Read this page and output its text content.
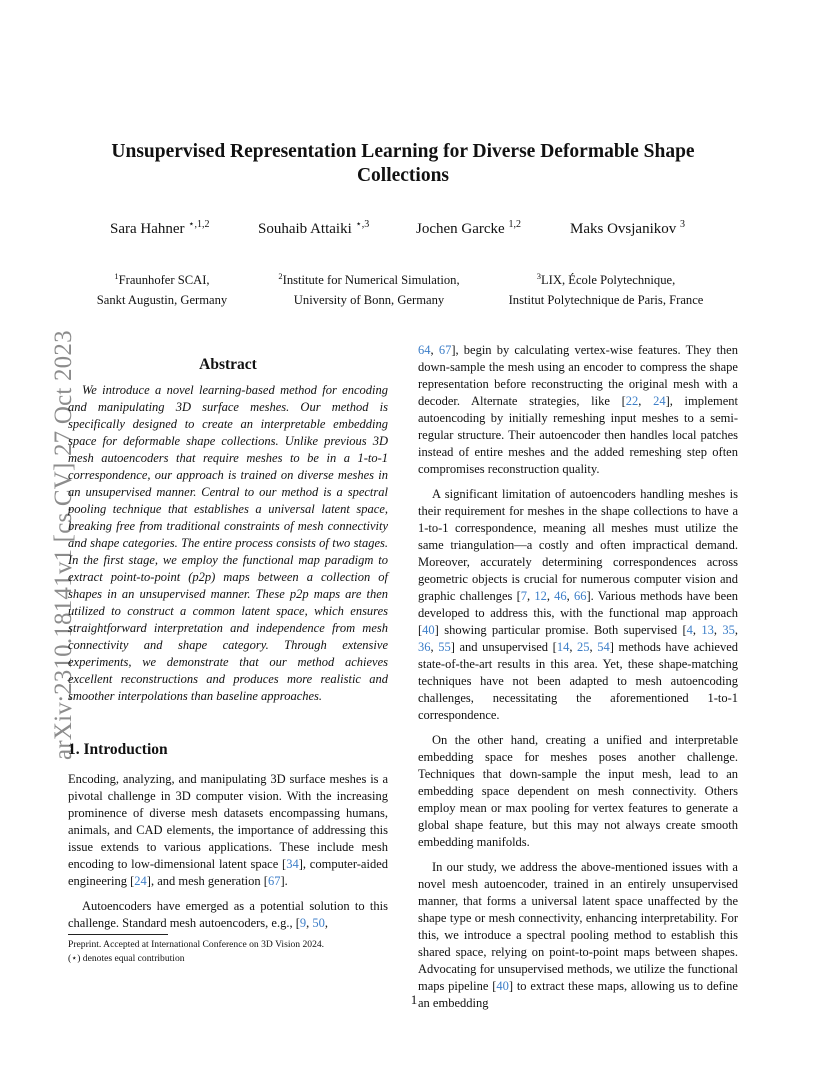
Unsupervised Representation Learning for Diverse Deformable Shape Collections
Sara Hahner $^{⋆,1,2}$	Souhaib Attaiki $^{⋆,3}$	Jochen Garcke $^{1,2}$	Maks Ovsjanikov $^3$
$^1$Fraunhofer SCAI,
Sankt Augustin, Germany
$^2$Institute for Numerical Simulation,
University of Bonn, Germany
$^3$LIX, École Polytechnique,
Institut Polytechnique de Paris, France
arXiv:2310.18141v1 [cs.CV] 27 Oct 2023	Abstract

We introduce a novel learning-based method for encoding and manipulating 3D surface meshes. Our method is specifically designed to create an interpretable embedding space for deformable shape collections. Unlike previous 3D mesh autoencoders that require meshes to be in a 1-to-1 correspondence, our approach is trained on diverse meshes in an unsupervised manner. Central to our method is a spectral pooling technique that establishes a universal latent space, breaking free from traditional constraints of mesh connectivity and shape categories. The entire process consists of two stages. In the first stage, we employ the functional map paradigm to extract point-to-point (p2p) maps between a collection of shapes in an unsupervised manner. These p2p maps are then utilized to construct a common latent space, which ensures straightforward interpretation and independence from mesh connectivity and shape category. Through extensive experiments, we demonstrate that our method achieves excellent reconstructions and produces more realistic and smoother interpolations than baseline approaches.

1. Introduction

Encoding, analyzing, and manipulating 3D surface meshes is a pivotal challenge in 3D computer vision. With the increasing prominence of diverse mesh datasets encompassing humans, animals, and CAD elements, the importance of addressing this issue extends to various applications. These include mesh encoding to low-dimensional latent space [34], computer-aided engineering [24], and mesh generation [67].

Autoencoders have emerged as a potential solution to this challenge. Standard mesh autoencoders, e.g., [9, 50,

64, 67], begin by calculating vertex-wise features. They then down-sample the mesh using an encoder to compress the shape representation before reconstructing the original mesh with a decoder. Alternate strategies, like [22, 24], implement autoencoding by initially remeshing input meshes to a semi-regular structure. Their autoencoder then handles local patches instead of entire meshes and the added remeshing step often compromises reconstruction quality.

A significant limitation of autoencoders handling meshes is their requirement for meshes in the shape collections to have a 1-to-1 correspondence, meaning all meshes must utilize the same triangulation—a costly and often impractical demand. Moreover, accurately determining correspondences across geometric objects is crucial for numerous computer vision and graphic challenges [7, 12, 46, 66]. Various methods have been developed to address this, with the functional map approach [40] showing particular promise. Both supervised [4, 13, 35, 36, 55] and unsupervised [14, 25, 54] methods have achieved state-of-the-art results in this area. Yet, these shape-matching techniques have not been adapted to mesh autoencoding challenges, necessitating the aforementioned 1-to-1 correspondence.

On the other hand, creating a unified and interpretable embedding space for meshes poses another challenge. Techniques that down-sample the input mesh, lead to an embedding space dependent on mesh connectivity. Others employ mean or max pooling for vertex features to generate a global shape feature, but this may not always create smooth embedding manifolds.

In our study, we address the above-mentioned issues with a novel mesh autoencoder, trained in an entirely unsupervised manner, that forms a universal latent space unaffected by the shape type or mesh connectivity, enhancing interpretability. For this, we introduce a spectral pooling method to establish this shared space, relying on point-to-point maps between shapes. Advocating for unsupervised methods, we utilize the functional maps pipeline [40] to extract these maps, allowing us to define an embedding

Preprint. Accepted at International Conference on 3D Vision 2024.
(⋆) denotes equal contribution
1
